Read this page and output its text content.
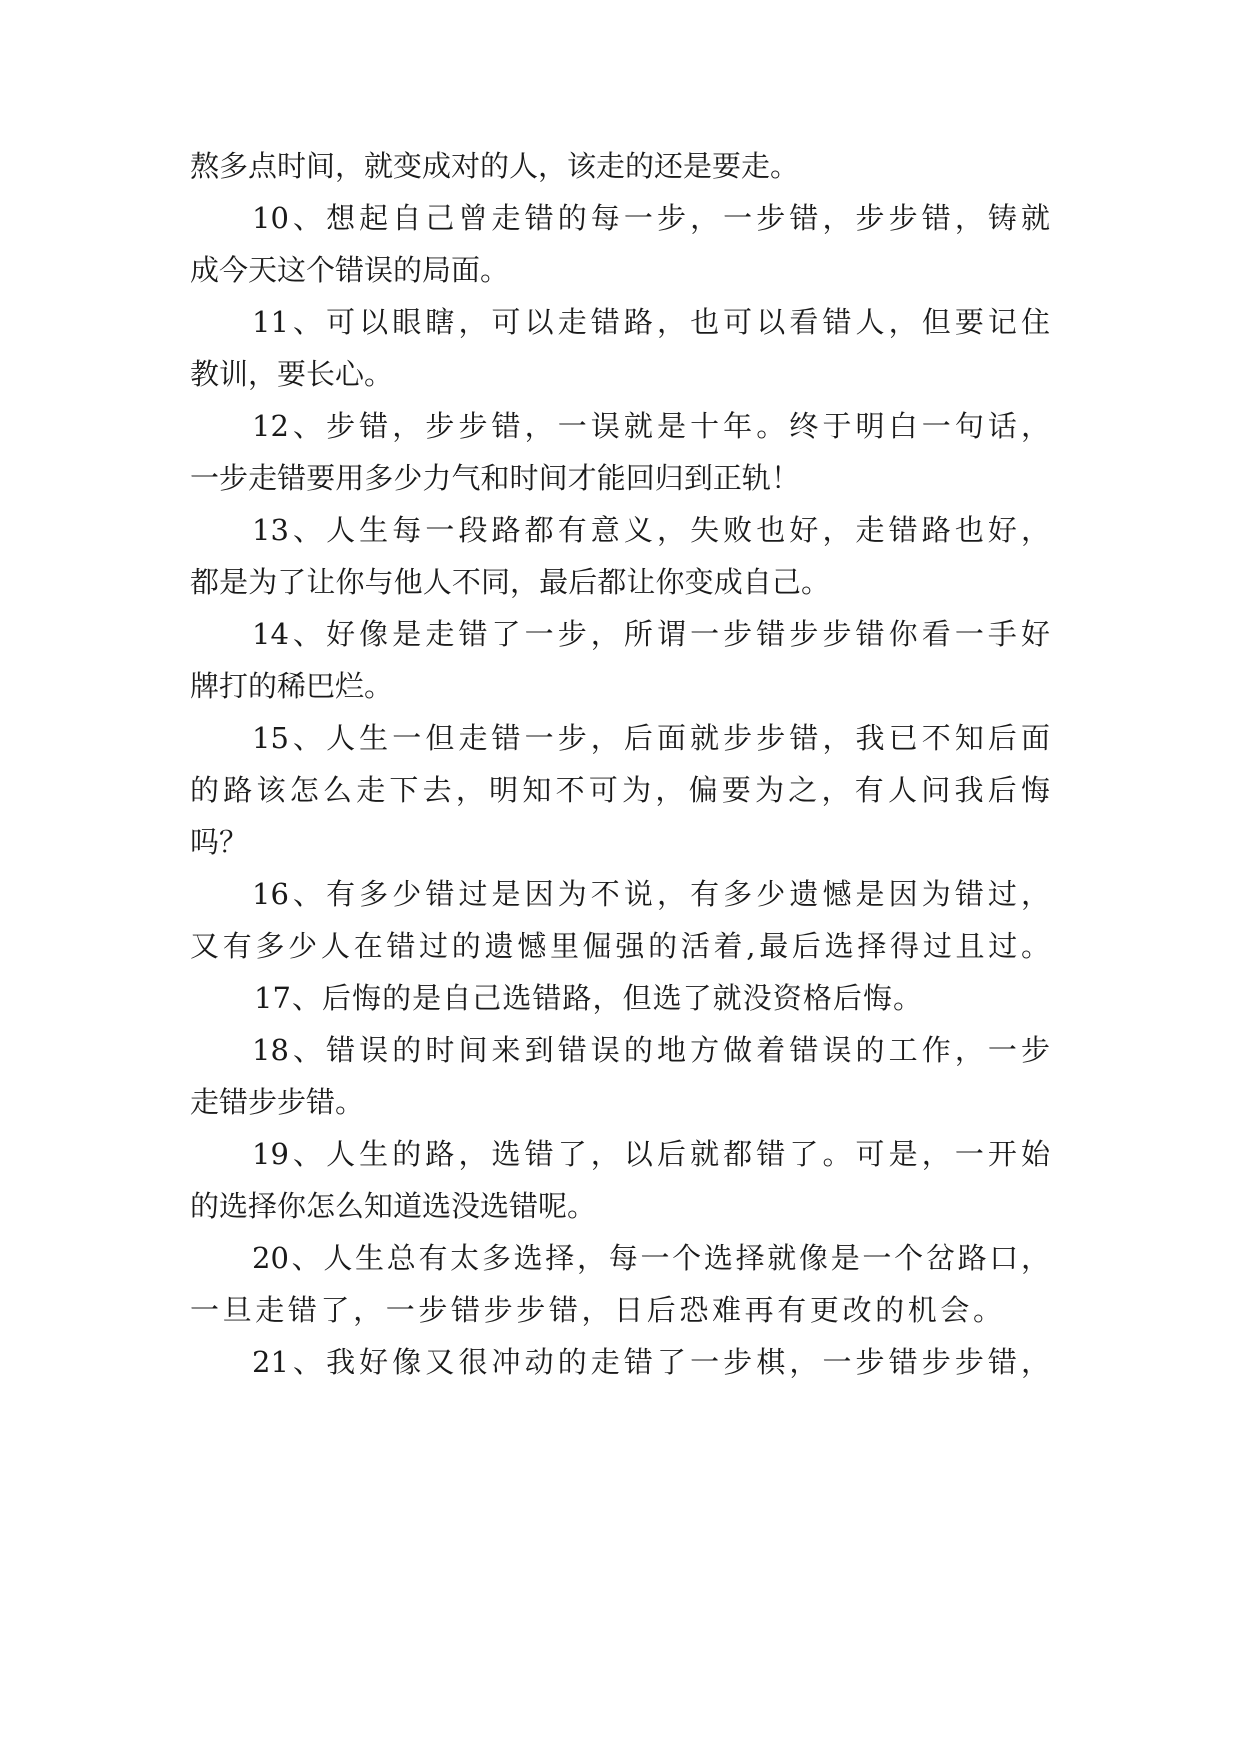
熬多点时间，就变成对的人，该走的还是要走。
10、想起自己曾走错的每一步，一步错，步步错，铸就
成今天这个错误的局面。
11、可以眼瞎，可以走错路，也可以看错人，但要记住
教训，要长心。
12、步错，步步错，一误就是十年。终于明白一句话，
一步走错要用多少力气和时间才能回归到正轨！
13、人生每一段路都有意义，失败也好，走错路也好，
都是为了让你与他人不同，最后都让你变成自己。
14、好像是走错了一步，所谓一步错步步错你看一手好
牌打的稀巴烂。
15、人生一但走错一步，后面就步步错，我已不知后面
的路该怎么走下去，明知不可为，偏要为之，有人问我后悔
吗？
16、有多少错过是因为不说，有多少遗憾是因为错过，
又有多少人在错过的遗憾里倔强的活着,最后选择得过且过。
17、后悔的是自己选错路，但选了就没资格后悔。
18、错误的时间来到错误的地方做着错误的工作，一步
走错步步错。
19、人生的路，选错了，以后就都错了。可是，一开始
的选择你怎么知道选没选错呢。
20、人生总有太多选择，每一个选择就像是一个岔路口，
一旦走错了，一步错步步错，日后恐难再有更改的机会。
21、我好像又很冲动的走错了一步棋，一步错步步错，
